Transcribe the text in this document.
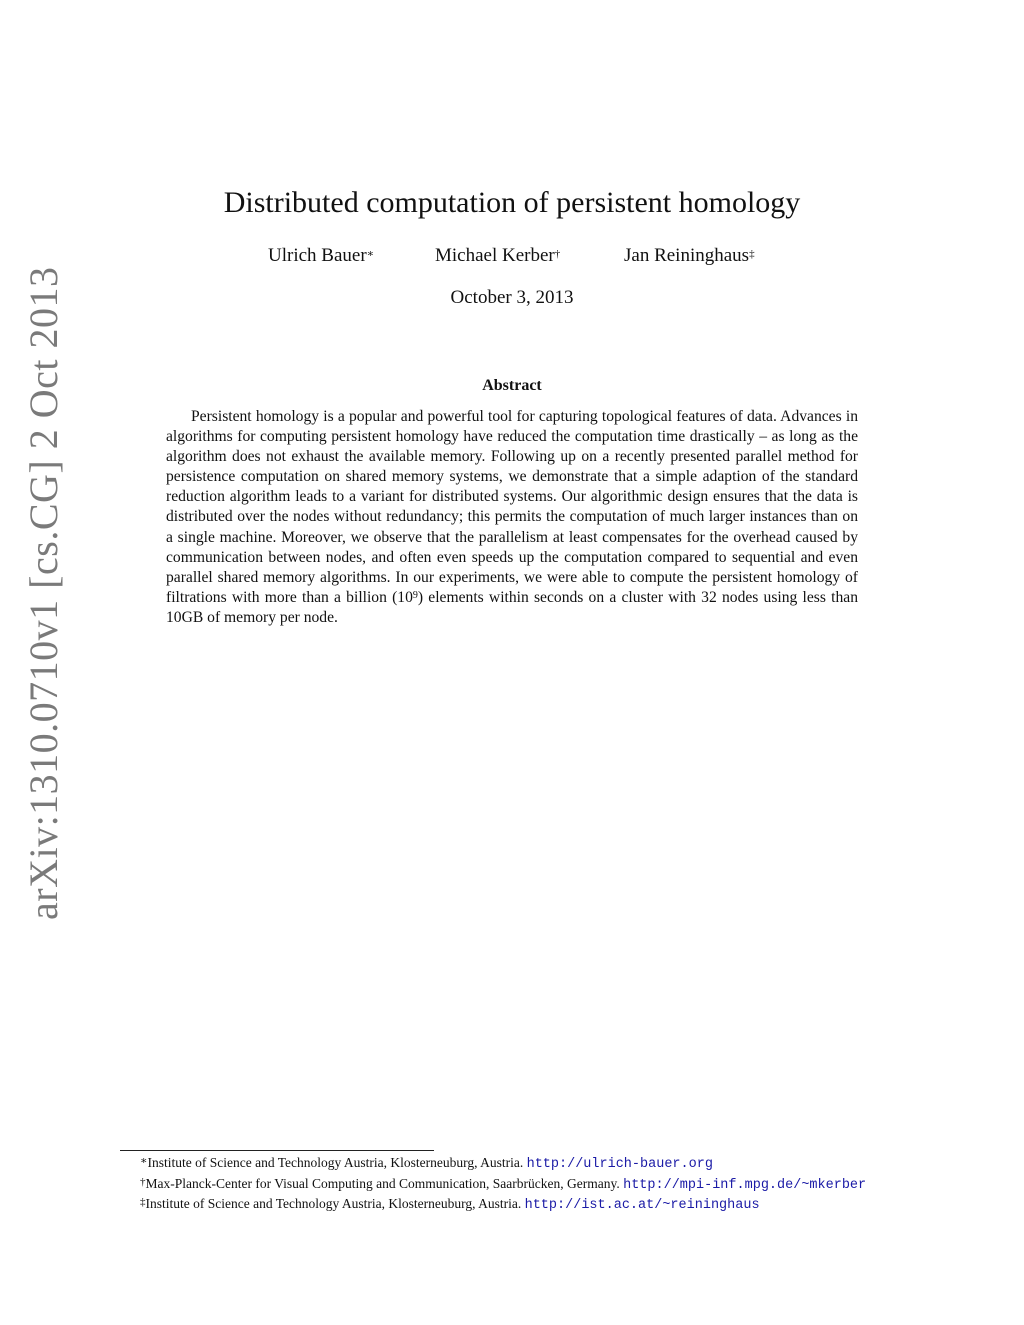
arXiv:1310.0710v1 [cs.CG] 2 Oct 2013
Distributed computation of persistent homology
Ulrich Bauer∗	Michael Kerber†	Jan Reininghaus‡
October 3, 2013
Abstract

Persistent homology is a popular and powerful tool for capturing topological features of data. Advances in algorithms for computing persistent homology have reduced the computation time drastically – as long as the algorithm does not exhaust the available memory. Following up on a recently presented parallel method for persistence computation on shared memory systems, we demonstrate that a simple adaption of the standard reduction algorithm leads to a variant for distributed systems. Our algorithmic design ensures that the data is distributed over the nodes without redundancy; this permits the computation of much larger instances than on a single machine. Moreover, we observe that the parallelism at least compensates for the overhead caused by communication between nodes, and often even speeds up the computation compared to sequential and even parallel shared memory algorithms. In our experiments, we were able to compute the persistent homology of filtrations with more than a billion $(10^9)$ elements within seconds on a cluster with 32 nodes using less than 10GB of memory per node.

∗Institute of Science and Technology Austria, Klosterneuburg, Austria. http://ulrich-bauer.org
†Max-Planck-Center for Visual Computing and Communication, Saarbrücken, Germany. http://mpi-inf.mpg.de/~mkerber
‡Institute of Science and Technology Austria, Klosterneuburg, Austria. http://ist.ac.at/~reininghaus
